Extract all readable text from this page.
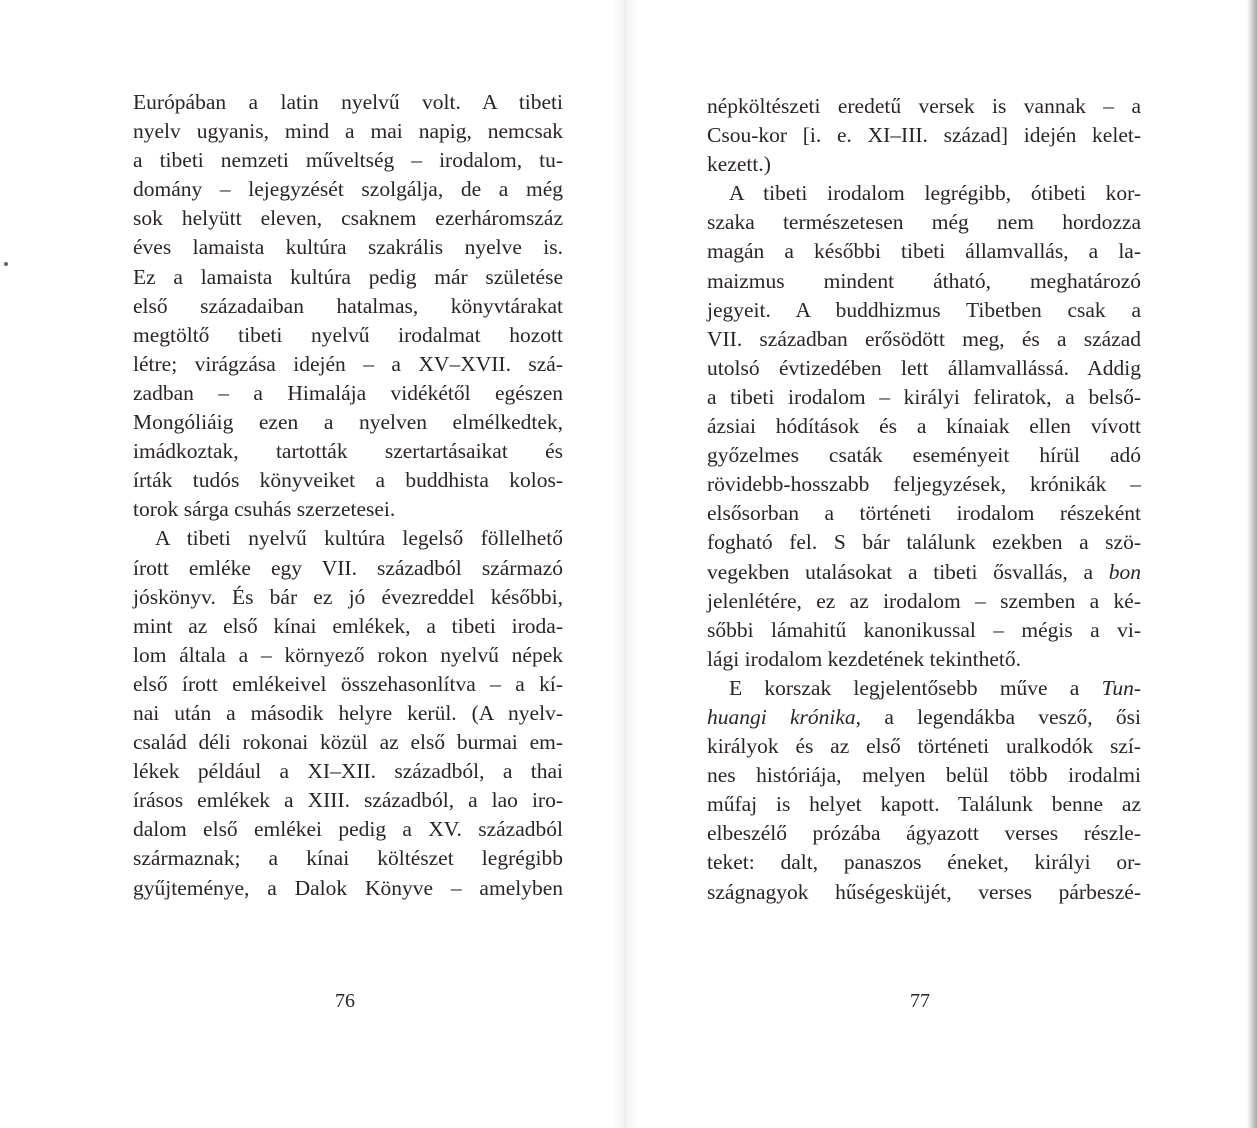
Európában a latin nyelvű volt. A tibeti
nyelv ugyanis, mind a mai napig, nemcsak
a tibeti nemzeti műveltség – irodalom, tu-
domány – lejegyzését szolgálja, de a még
sok helyütt eleven, csaknem ezerháromszáz
éves lamaista kultúra szakrális nyelve is.
Ez a lamaista kultúra pedig már születése
első századaiban hatalmas, könyvtárakat
megtöltő tibeti nyelvű irodalmat hozott
létre; virágzása idején – a XV–XVII. szá-
zadban – a Himalája vidékétől egészen
Mongóliáig ezen a nyelven elmélkedtek,
imádkoztak, tartották szertartásaikat és
írták tudós könyveiket a buddhista kolos-
torok sárga csuhás szerzetesei.
A tibeti nyelvű kultúra legelső föllelhető
írott emléke egy VII. századból származó
jóskönyv. És bár ez jó évezreddel későbbi,
mint az első kínai emlékek, a tibeti iroda-
lom általa a – környező rokon nyelvű népek
első írott emlékeivel összehasonlítva – a kí-
nai után a második helyre kerül. (A nyelv-
család déli rokonai közül az első burmai em-
lékek például a XI–XII. századból, a thai
írásos emlékek a XIII. századból, a lao iro-
dalom első emlékei pedig a XV. századból
származnak; a kínai költészet legrégibb
gyűjteménye, a Dalok Könyve – amelyben
76
népköltészeti eredetű versek is vannak – a
Csou-kor [i. e. XI–III. század] idején kelet-
kezett.)
A tibeti irodalom legrégibb, ótibeti kor-
szaka természetesen még nem hordozza
magán a későbbi tibeti államvallás, a la-
maizmus mindent átható, meghatározó
jegyeit. A buddhizmus Tibetben csak a
VII. században erősödött meg, és a század
utolsó évtizedében lett államvallássá. Addig
a tibeti irodalom – királyi feliratok, a belső-
ázsiai hódítások és a kínaiak ellen vívott
győzelmes csaták eseményeit hírül adó
rövidebb-hosszabb feljegyzések, krónikák –
elsősorban a történeti irodalom részeként
fogható fel. S bár találunk ezekben a szö-
vegekben utalásokat a tibeti ősvallás, a bon
jelenlétére, ez az irodalom – szemben a ké-
sőbbi lámahitű kanonikussal – mégis a vi-
lági irodalom kezdetének tekinthető.
E korszak legjelentősebb műve a Tun-
huangi krónika, a legendákba vesző, ősi
királyok és az első történeti uralkodók szí-
nes históriája, melyen belül több irodalmi
műfaj is helyet kapott. Találunk benne az
elbeszélő prózába ágyazott verses részle-
teket: dalt, panaszos éneket, királyi or-
szágnagyok hűségesküjét, verses párbeszé-
77
